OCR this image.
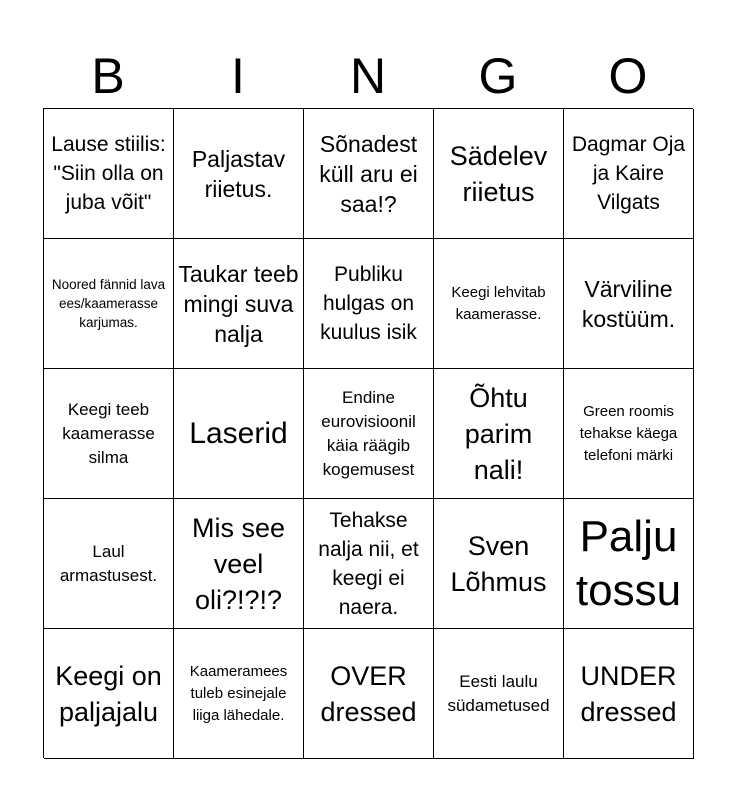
B	I	N	G	O
Lause stiilis: "Siin olla on juba võit"
Paljastav riietus.
Sõnadest küll aru ei saa!?
Sädelev riietus
Dagmar Oja ja Kaire Vilgats
Noored fännid lava ees/kaamerasse karjumas.
Taukar teeb mingi suva nalja
Publiku hulgas on kuulus isik
Keegi lehvitab kaamerasse.
Värviline kostüüm.
Keegi teeb kaamerasse silma
Laserid
Endine eurovisioonil käia räägib kogemusest
Õhtu parim nali!
Green roomis tehakse käega telefoni märki
Laul armastusest.
Mis see veel oli?!?!?
Tehakse nalja nii, et keegi ei naera.
Sven Lõhmus
Palju tossu
Keegi on paljajalu
Kaameramees tuleb esinejale liiga lähedale.
OVER dressed
Eesti laulu südametused
UNDER dressed
